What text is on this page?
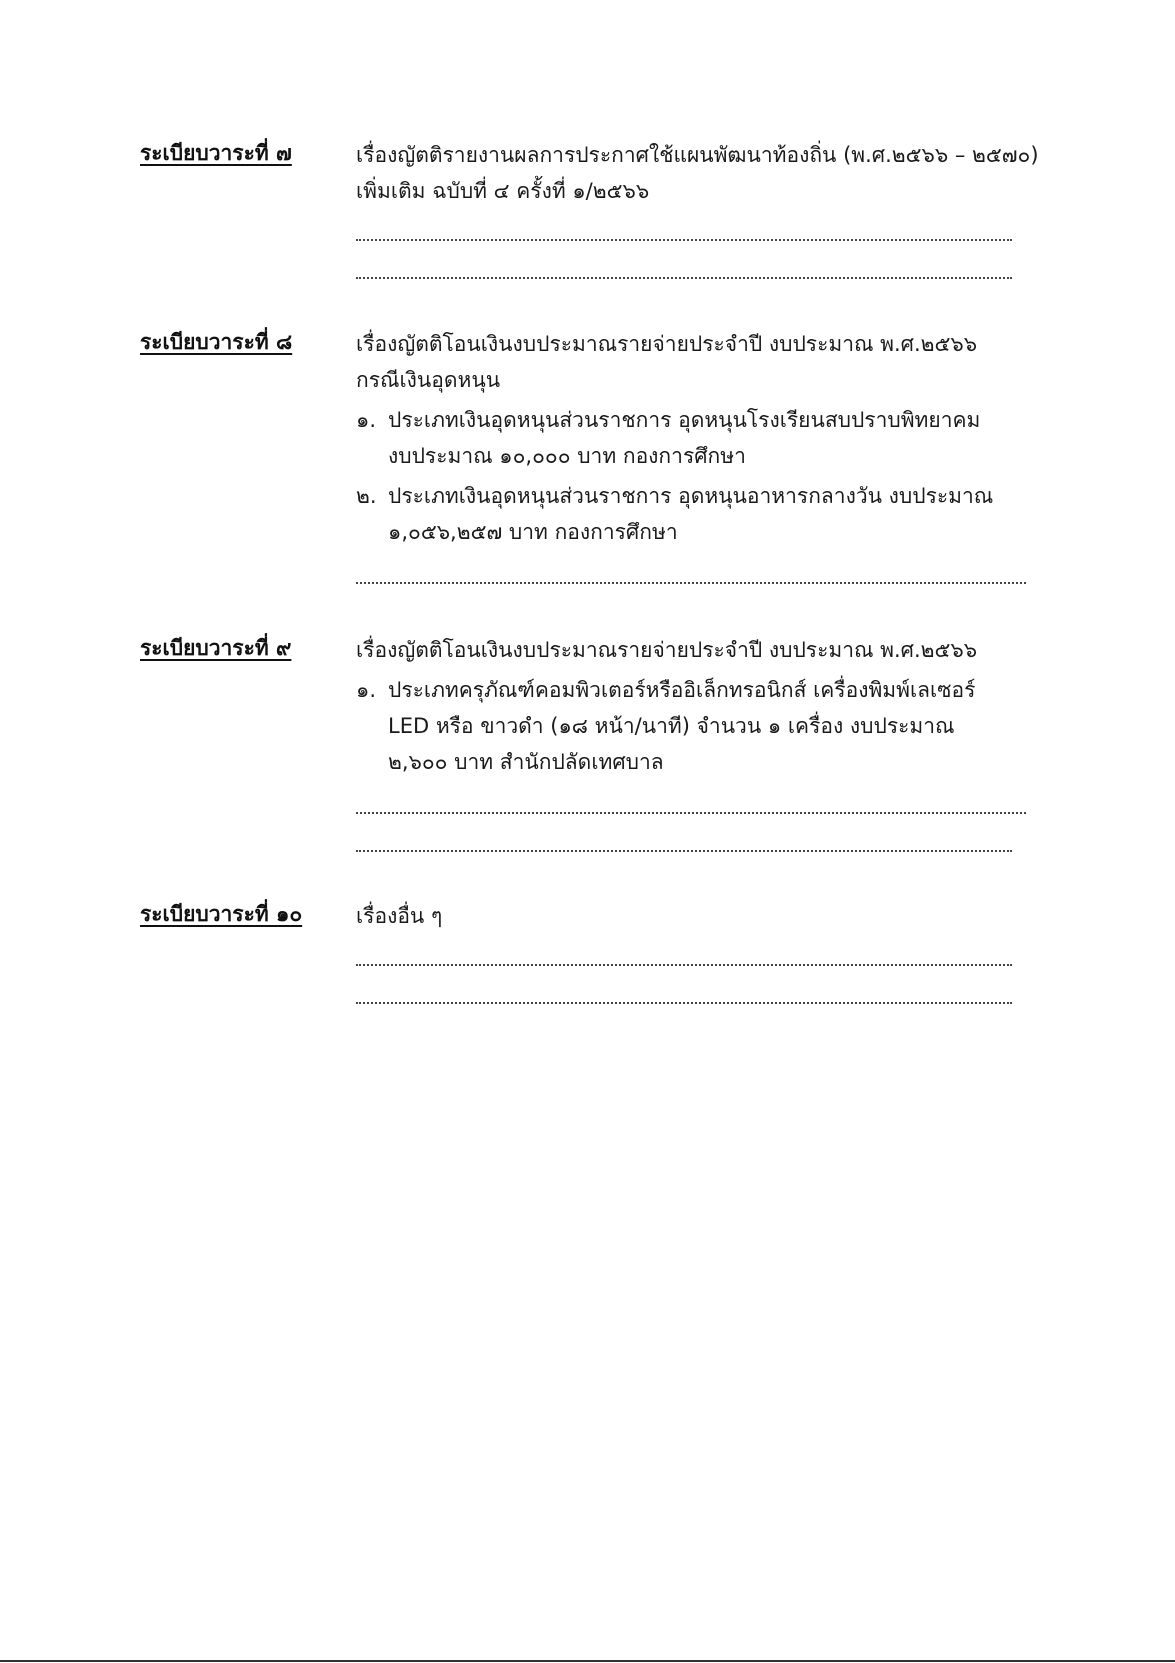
ระเบียบวาระที่ ๗	เรื่องญัตติรายงานผลการประกาศใช้แผนพัฒนาท้องถิ่น (พ.ศ.๒๕๖๖ – ๒๕๗๐)
เพิ่มเติม ฉบับที่ ๔ ครั้งที่ ๑/๒๕๖๖
ระเบียบวาระที่ ๘	เรื่องญัตติโอนเงินงบประมาณรายจ่ายประจำปี งบประมาณ พ.ศ.๒๕๖๖
กรณีเงินอุดหนุน
๑. ประเภทเงินอุดหนุนส่วนราชการ อุดหนุนโรงเรียนสบปราบพิทยาคม
งบประมาณ ๑๐,๐๐๐ บาท กองการศึกษา
๒. ประเภทเงินอุดหนุนส่วนราชการ อุดหนุนอาหารกลางวัน งบประมาณ
๑,๐๕๖,๒๕๗ บาท กองการศึกษา
ระเบียบวาระที่ ๙	เรื่องญัตติโอนเงินงบประมาณรายจ่ายประจำปี งบประมาณ พ.ศ.๒๕๖๖
๑. ประเภทครุภัณฑ์คอมพิวเตอร์หรืออิเล็กทรอนิกส์ เครื่องพิมพ์เลเซอร์
LED หรือ ขาวดำ (๑๘ หน้า/นาที) จำนวน ๑ เครื่อง งบประมาณ
๒,๖๐๐ บาท สำนักปลัดเทศบาล
ระเบียบวาระที่ ๑๐	เรื่องอื่น ๆ
